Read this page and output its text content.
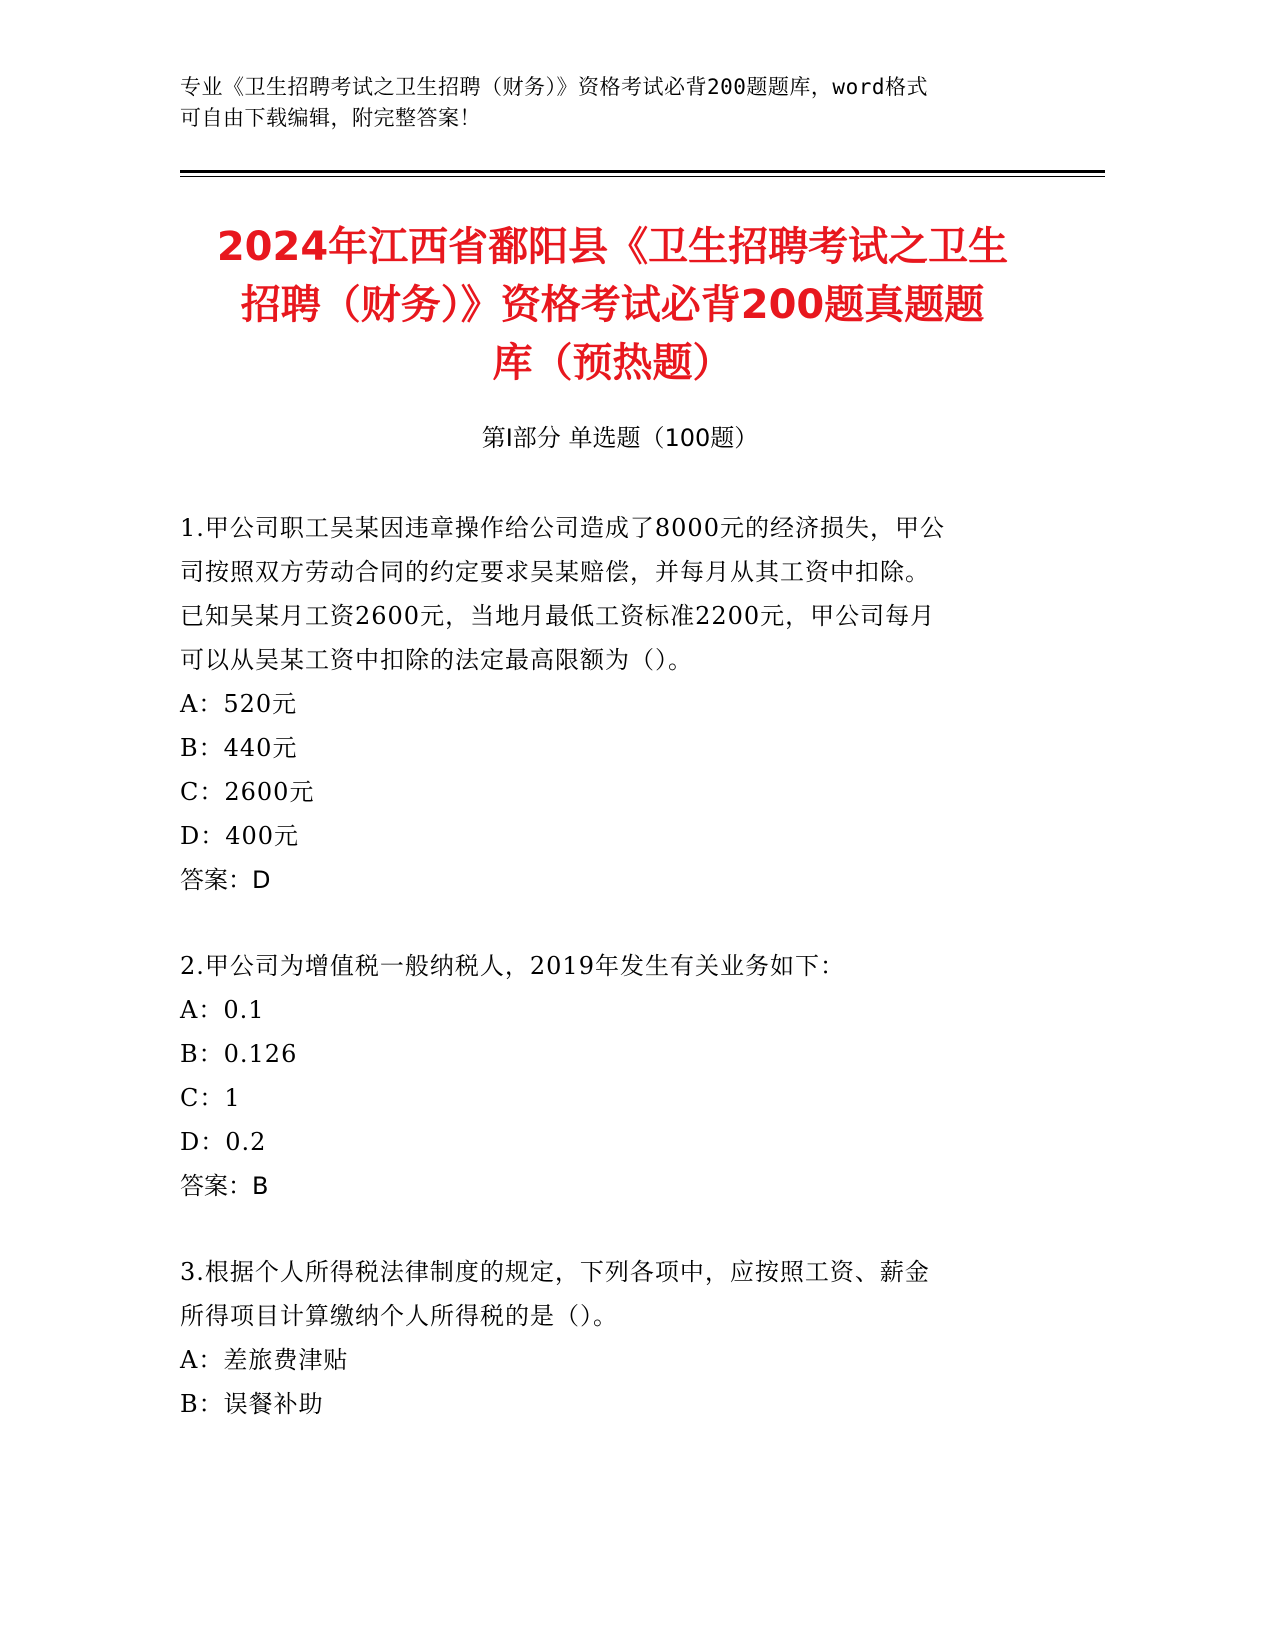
专业《卫生招聘考试之卫生招聘（财务）》资格考试必背200题题库，word格式
可自由下载编辑，附完整答案！
2024年江西省鄱阳县《卫生招聘考试之卫生
招聘（财务）》资格考试必背200题真题题
库（预热题）
第Ⅰ部分 单选题（100题）
1.甲公司职工吴某因违章操作给公司造成了8000元的经济损失，甲公
司按照双方劳动合同的约定要求吴某赔偿，并每月从其工资中扣除。
已知吴某月工资2600元，当地月最低工资标准2200元，甲公司每月
可以从吴某工资中扣除的法定最高限额为（）。
A：520元
B：440元
C：2600元
D：400元
答案：D
2.甲公司为增值税一般纳税人，2019年发生有关业务如下：
A：0.1
B：0.126
C：1
D：0.2
答案：B
3.根据个人所得税法律制度的规定，下列各项中，应按照工资、薪金
所得项目计算缴纳个人所得税的是（）。
A：差旅费津贴
B：误餐补助
